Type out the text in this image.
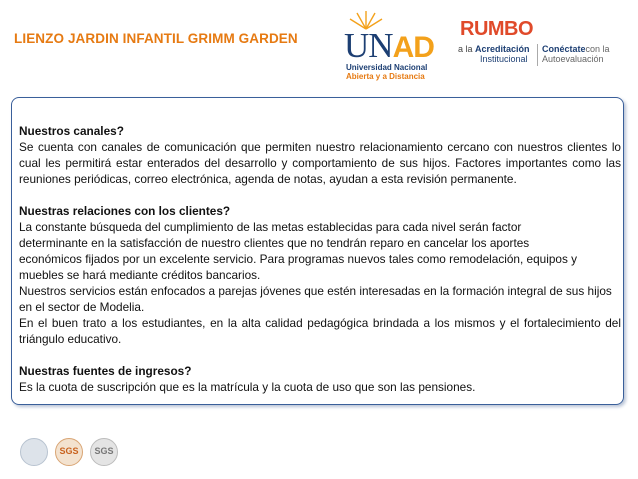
LIENZO JARDIN INFANTIL GRIMM GARDEN UNAD
Universidad Nacional
Abierta y a Distancia
RUMBO
a la Acreditación
Institucional
Conéctatecon la
Autoevaluación

Nuestros canales?

Se cuenta con canales de comunicación que permiten nuestro relacionamiento cercano con nuestros clientes lo cual les permitirá estar enterados del desarrollo y comportamiento de sus hijos. Factores importantes como las reuniones periódicas, correo electrónica, agenda de notas, ayudan a esta revisión permanente.

Nuestras relaciones con los clientes?

La constante búsqueda del cumplimiento de las metas establecidas para cada nivel serán factor

determinante en la satisfacción de nuestro clientes que no tendrán reparo en cancelar los aportes

económicos fijados por un excelente servicio. Para programas nuevos tales como remodelación, equipos y

muebles se hará mediante créditos bancarios.

Nuestros servicios están enfocados a parejas jóvenes que estén interesadas en la formación integral de sus hijos en el sector de Modelia.

En el buen trato a los estudiantes, en la alta calidad pedagógica brindada a los mismos y el fortalecimiento del triángulo educativo.

Nuestras fuentes de ingresos?

Es la cuota de suscripción que es la matrícula y la cuota de uso que son las pensiones.

SGS	SGS
